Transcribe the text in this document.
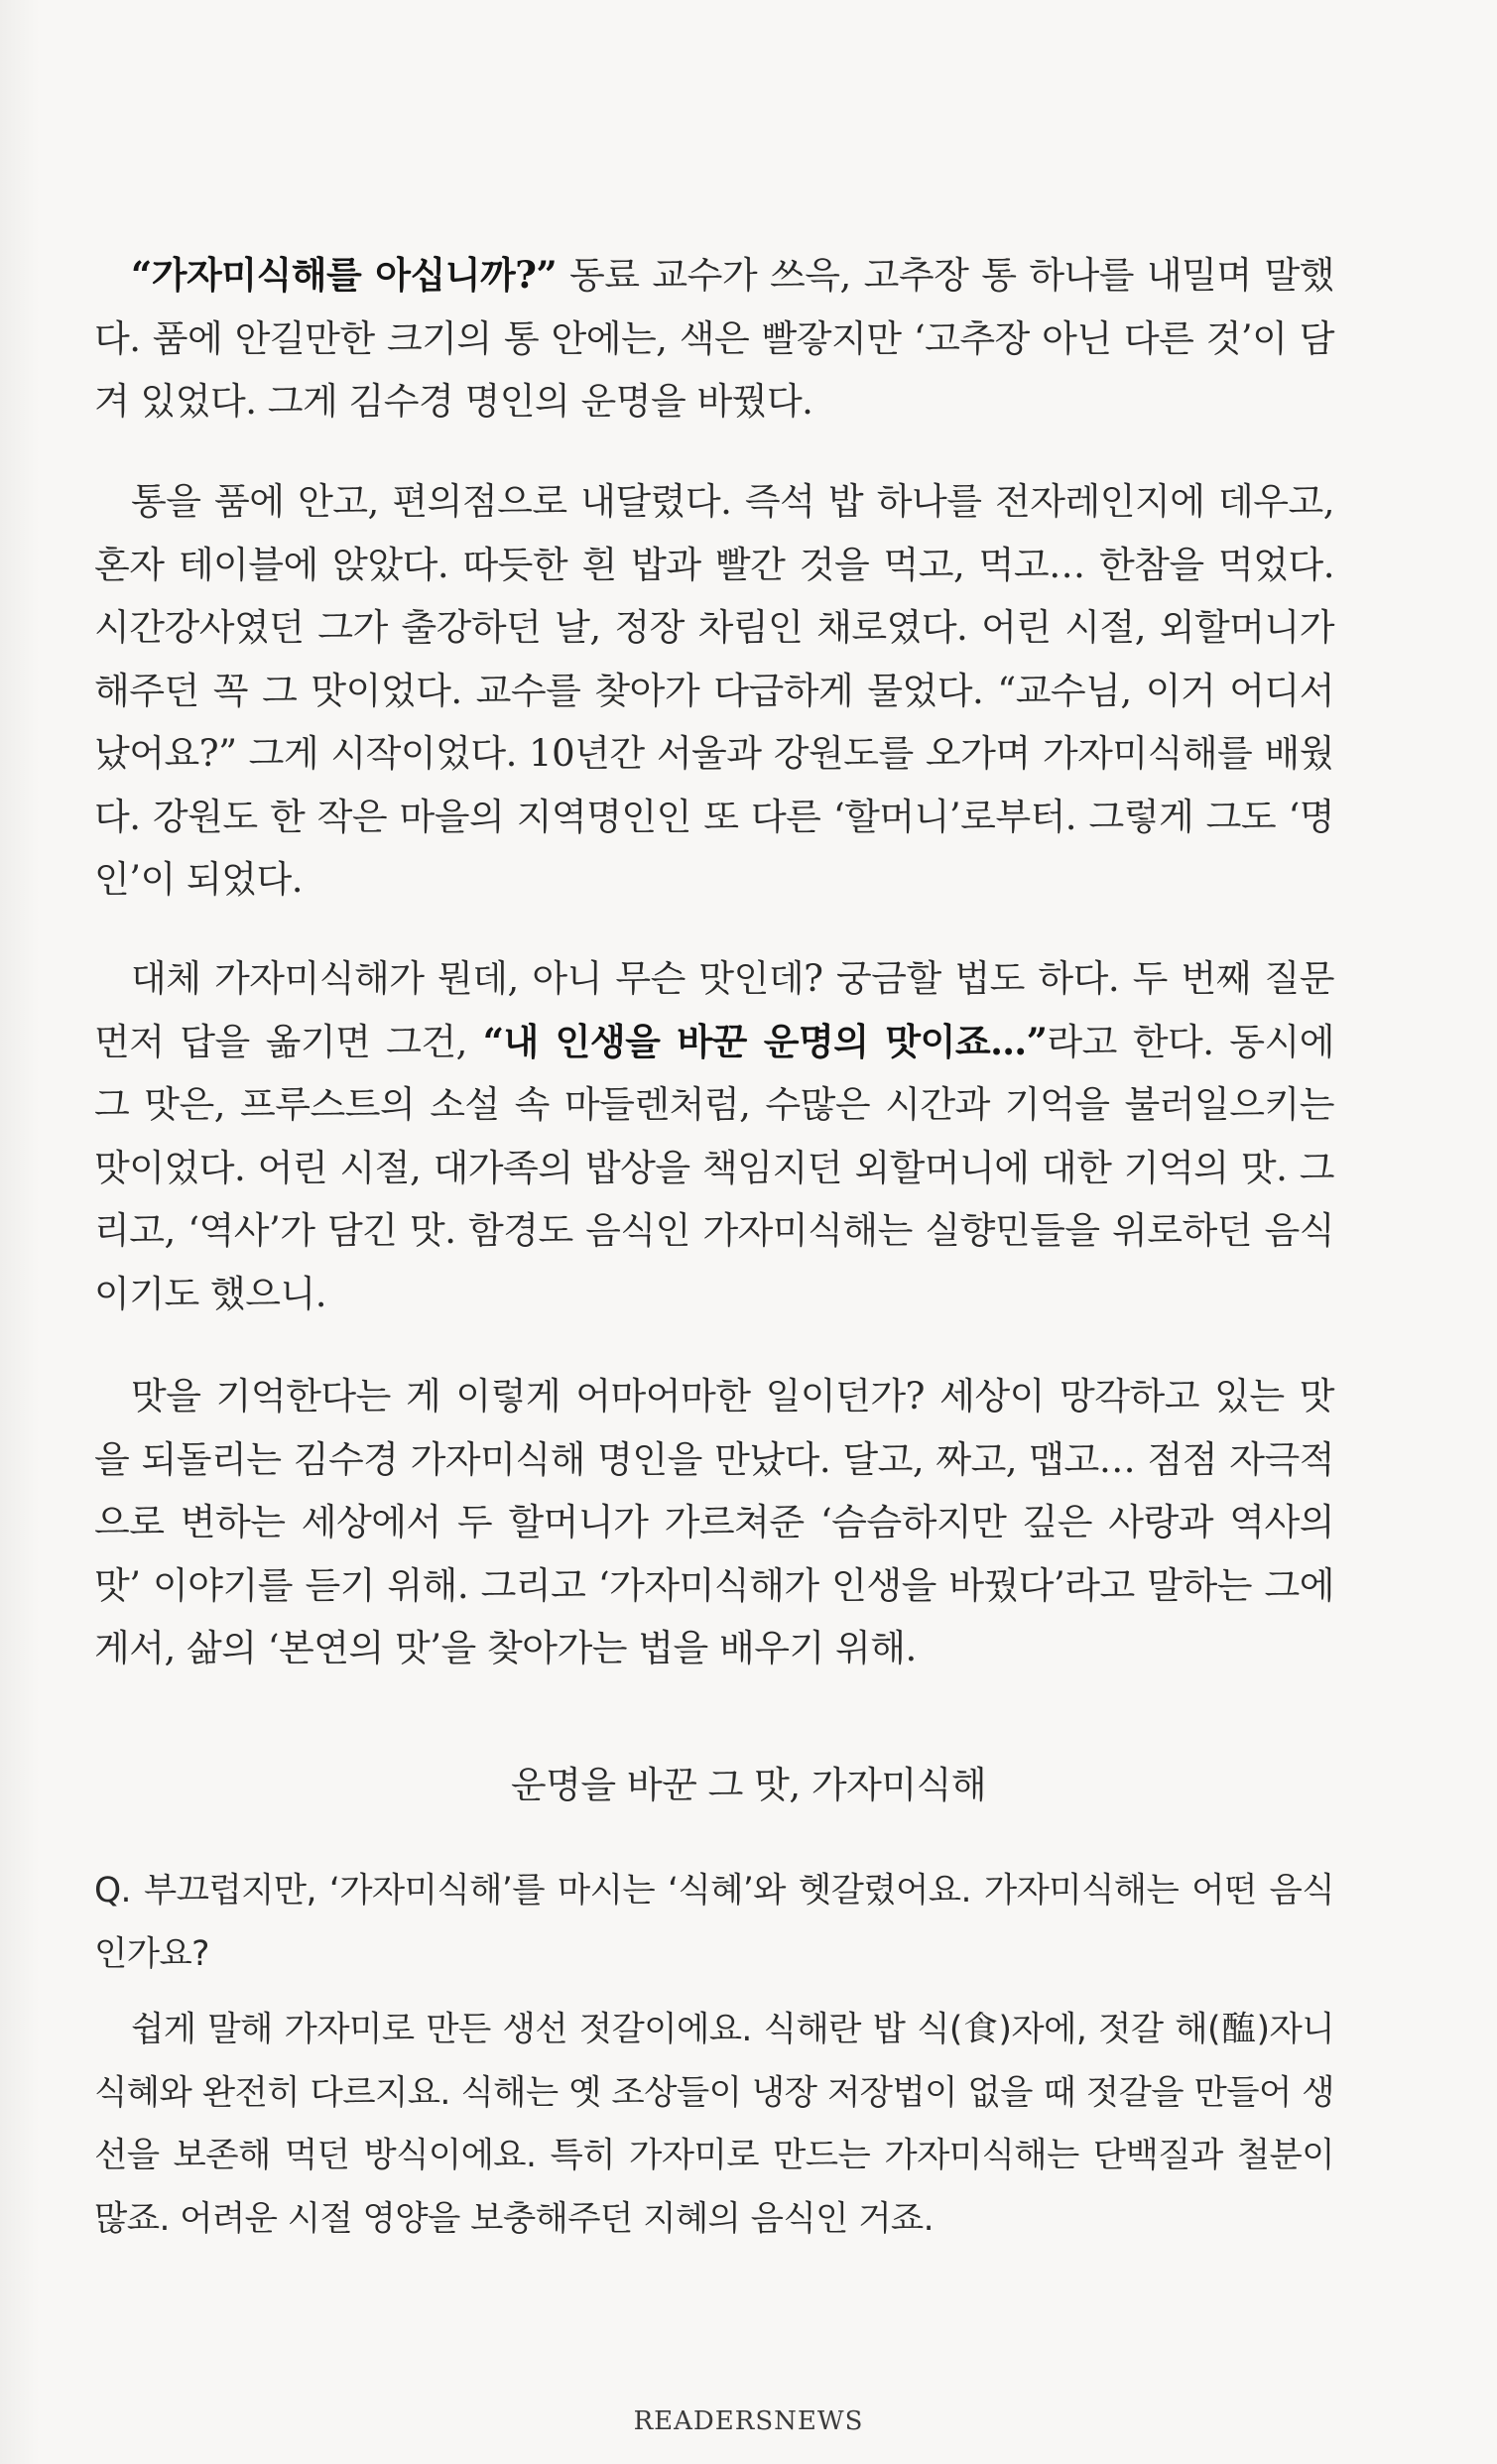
“가자미식해를 아십니까?” 동료 교수가 쓰윽, 고추장 통 하나를 내밀며 말했다. 품에 안길만한 크기의 통 안에는, 색은 빨갛지만 ‘고추장 아닌 다른 것’이 담겨 있었다. 그게 김수경 명인의 운명을 바꿨다.

통을 품에 안고, 편의점으로 내달렸다. 즉석 밥 하나를 전자레인지에 데우고, 혼자 테이블에 앉았다. 따듯한 흰 밥과 빨간 것을 먹고, 먹고… 한참을 먹었다. 시간강사였던 그가 출강하던 날, 정장 차림인 채로였다. 어린 시절, 외할머니가 해주던 꼭 그 맛이었다. 교수를 찾아가 다급하게 물었다. “교수님, 이거 어디서 났어요?” 그게 시작이었다. 10년간 서울과 강원도를 오가며 가자미식해를 배웠다. 강원도 한 작은 마을의 지역명인인 또 다른 ‘할머니’로부터. 그렇게 그도 ‘명인’이 되었다.

대체 가자미식해가 뭔데, 아니 무슨 맛인데? 궁금할 법도 하다. 두 번째 질문 먼저 답을 옮기면 그건, “내 인생을 바꾼 운명의 맛이죠…”라고 한다. 동시에 그 맛은, 프루스트의 소설 속 마들렌처럼, 수많은 시간과 기억을 불러일으키는 맛이었다. 어린 시절, 대가족의 밥상을 책임지던 외할머니에 대한 기억의 맛. 그리고, ‘역사’가 담긴 맛. 함경도 음식인 가자미식해는 실향민들을 위로하던 음식이기도 했으니.

맛을 기억한다는 게 이렇게 어마어마한 일이던가? 세상이 망각하고 있는 맛을 되돌리는 김수경 가자미식해 명인을 만났다. 달고, 짜고, 맵고… 점점 자극적으로 변하는 세상에서 두 할머니가 가르쳐준 ‘슴슴하지만 깊은 사랑과 역사의 맛’ 이야기를 듣기 위해. 그리고 ‘가자미식해가 인생을 바꿨다’라고 말하는 그에게서, 삶의 ‘본연의 맛’을 찾아가는 법을 배우기 위해.

운명을 바꾼 그 맛, 가자미식해

Q. 부끄럽지만, ‘가자미식해’를 마시는 ‘식혜’와 헷갈렸어요. 가자미식해는 어떤 음식인가요?

쉽게 말해 가자미로 만든 생선 젓갈이에요. 식해란 밥 식(食)자에, 젓갈 해(醢)자니 식혜와 완전히 다르지요. 식해는 옛 조상들이 냉장 저장법이 없을 때 젓갈을 만들어 생선을 보존해 먹던 방식이에요. 특히 가자미로 만드는 가자미식해는 단백질과 철분이 많죠. 어려운 시절 영양을 보충해주던 지혜의 음식인 거죠.

READERSNEWS
